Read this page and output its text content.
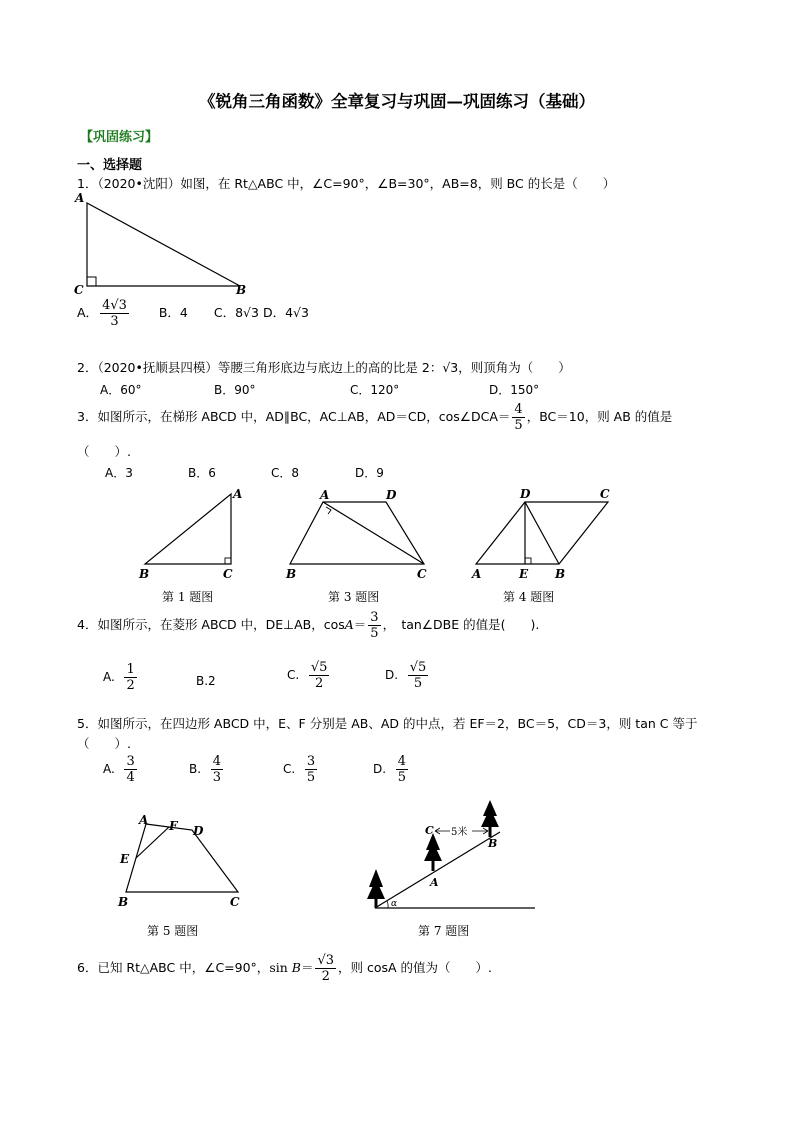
《锐角三角函数》全章复习与巩固—巩固练习（基础）
【巩固练习】
一、选择题
1．（2020•沈阳）如图，在 Rt△ABC 中，∠C=90°，∠B=30°，AB=8，则 BC 的长是（　　）
A
C	B
A． $\frac{4√3}{3}$ B．4 C．8√3 D．4√3
2．（2020•抚顺县四模）等腰三角形底边与底边上的高的比是 2：√3，则顶角为（　　）
A．60°	B．90°	C．120°	D．150°
3．如图所示，在梯形 ABCD 中，AD∥BC，AC⊥AB，AD＝CD，cos∠DCA＝ $\frac{4}{5}$ ，BC＝10，则 AB 的值是
（　　）.
A．3	B．6	C．8	D．9
A
B	C
第 1 题图
A	D
B	C
第 3 题图
D	C
A	E B
第 4 题图
4．如图所示，在菱形 ABCD 中，DE⊥AB，$\cos A= \frac{3}{5}$ ，　tan∠DBE 的值是(　　).
A. $\frac{1}{2}$	B.2	C. $\frac{√5}{2}$	D. $\frac{√5}{5}$
5．如图所示，在四边形 ABCD 中，E、F 分别是 AB、AD 的中点，若 EF＝2，BC＝5，CD＝3，则 tan C 等于
（　　）.
A. $\frac{3}{4}$	B. $\frac{4}{3}$	C. $\frac{3}{5}$	D. $\frac{4}{5}$
A F D
E
B	C
第 5 题图
5米
C
A
B
α
第 7 题图
6．已知 Rt△ABC 中，∠C=90°，$\sin B= \frac{√3}{2}$ ，则 cosA 的值为（　　）.
